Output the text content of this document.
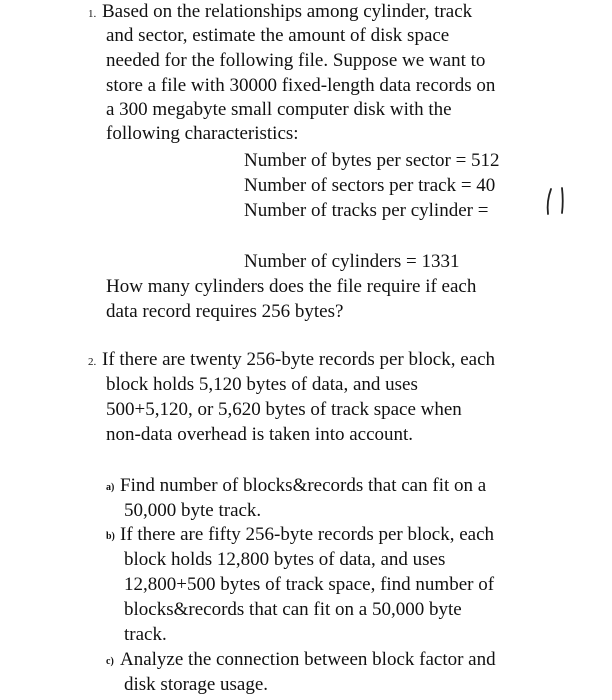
1. Based on the relationships among cylinder, track
and sector, estimate the amount of disk space
needed for the following file. Suppose we want to
store a file with 30000 fixed-length data records on
a 300 megabyte small computer disk with the
following characteristics:
Number of bytes per sector = 512
Number of sectors per track = 40
Number of tracks per cylinder =
Number of cylinders = 1331
How many cylinders does the file require if each
data record requires 256 bytes?
2. If there are twenty 256-byte records per block, each
block holds 5,120 bytes of data, and uses
500+5,120, or 5,620 bytes of track space when
non-data overhead is taken into account.
a) Find number of blocks&records that can fit on a
50,000 byte track.
b) If there are fifty 256-byte records per block, each
block holds 12,800 bytes of data, and uses
12,800+500 bytes of track space, find number of
blocks&records that can fit on a 50,000 byte
track.
c) Analyze the connection between block factor and
disk storage usage.
